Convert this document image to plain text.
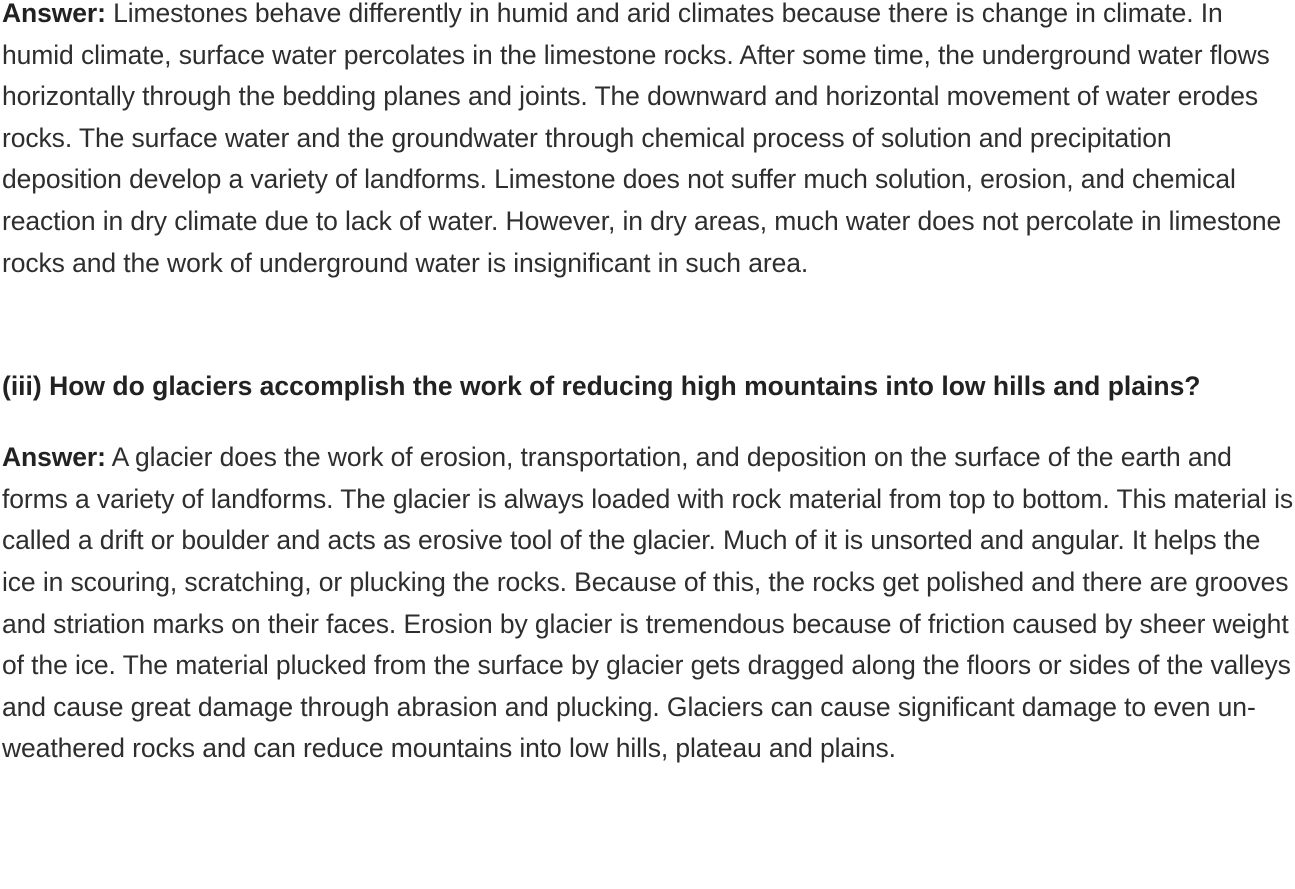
Answer: Limestones behave differently in humid and arid climates because there is change in climate. In humid climate, surface water percolates in the limestone rocks. After some time, the underground water flows horizontally through the bedding planes and joints. The downward and horizontal movement of water erodes rocks. The surface water and the groundwater through chemical process of solution and precipitation deposition develop a variety of landforms. Limestone does not suffer much solution, erosion, and chemical reaction in dry climate due to lack of water. However, in dry areas, much water does not percolate in limestone rocks and the work of underground water is insignificant in such area.

(iii) How do glaciers accomplish the work of reducing high mountains into low hills and plains?

Answer: A glacier does the work of erosion, transportation, and deposition on the surface of the earth and forms a variety of landforms. The glacier is always loaded with rock material from top to bottom. This material is called a drift or boulder and acts as erosive tool of the glacier. Much of it is unsorted and angular. It helps the ice in scouring, scratching, or plucking the rocks. Because of this, the rocks get polished and there are grooves and striation marks on their faces. Erosion by glacier is tremendous because of friction caused by sheer weight of the ice. The material plucked from the surface by glacier gets dragged along the floors or sides of the valleys and cause great damage through abrasion and plucking. Glaciers can cause significant damage to even un-weathered rocks and can reduce mountains into low hills, plateau and plains.
